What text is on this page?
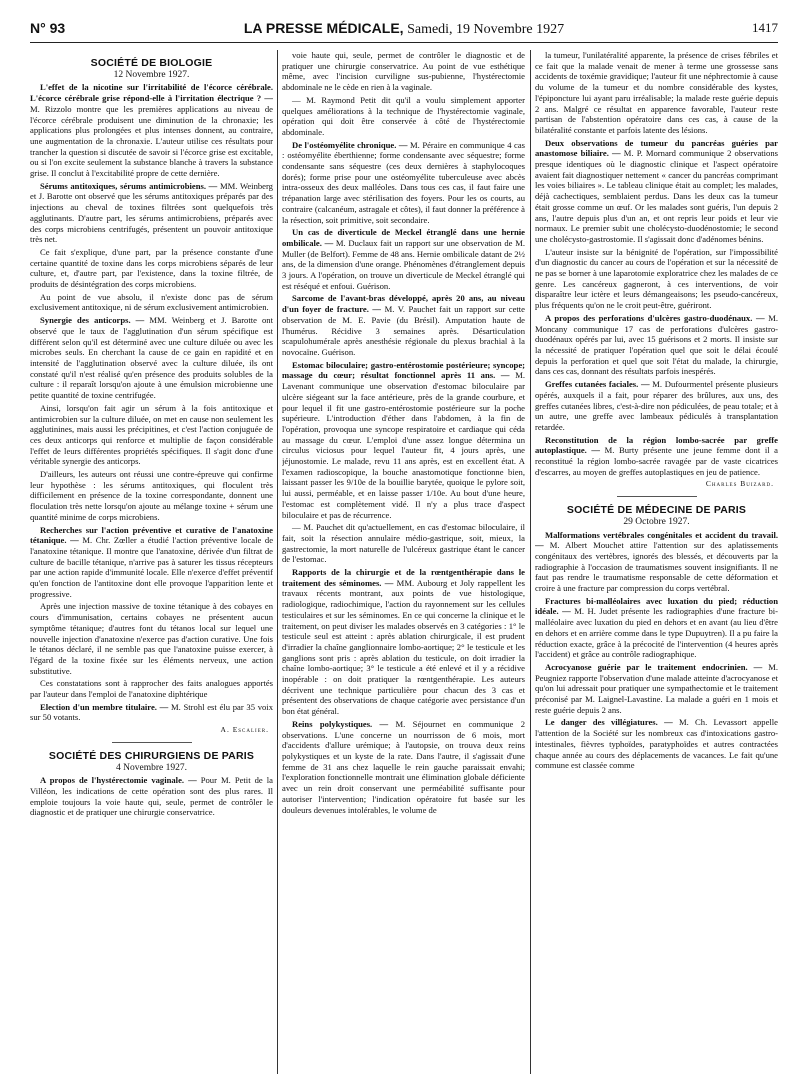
N° 93	LA PRESSE MÉDICALE, Samedi, 19 Novembre 1927	1417
SOCIÉTÉ DE BIOLOGIE
12 Novembre 1927.

L'effet de la nicotine sur l'irritabilité de l'écorce cérébrale. L'écorce cérébrale grise répond-elle à l'irritation électrique ? — M. Rizzolo montre que les premières applications au niveau de l'écorce cérébrale produisent une diminution de la chronaxie; les applications plus prolongées et plus intenses donnent, au contraire, une augmentation de la chronaxie. L'auteur utilise ces résultats pour trancher la question si discutée de savoir si l'écorce grise est excitable, ou si l'on excite seulement la substance blanche à travers la substance grise. Il conclut à l'excitabilité propre de cette dernière.

Sérums antitoxiques, sérums antimicrobiens. — MM. Weinberg et J. Barotte ont observé que les sérums antitoxiques préparés par des injections au cheval de toxines filtrées sont quelquefois très agglutinants. D'autre part, les sérums antimicrobiens, préparés avec des corps microbiens centrifugés, présentent un pouvoir antitoxique très net.

Ce fait s'explique, d'une part, par la présence constante d'une certaine quantité de toxine dans les corps microbiens séparés de leur culture, et, d'autre part, par l'existence, dans la toxine filtrée, de produits de désintégration des corps microbiens.

Au point de vue absolu, il n'existe donc pas de sérum exclusivement antitoxique, ni de sérum exclusivement antimicrobien.

Synergie des anticorps. — MM. Weinberg et J. Barotte ont observé que le taux de l'agglutination d'un sérum spécifique est différent selon qu'il est déterminé avec une culture diluée ou avec les microbes seuls. En cherchant la cause de ce gain en rapidité et en intensité de l'agglutination observé avec la culture diluée, ils ont constaté qu'il n'est réalisé qu'en présence des produits solubles de la culture : il reparaît lorsqu'on ajoute à une émulsion microbienne une petite quantité de toxine centrifugée.

Ainsi, lorsqu'on fait agir un sérum à la fois antitoxique et antimicrobien sur la culture diluée, on met en cause non seulement les agglutinines, mais aussi les précipitines, et c'est l'action conjuguée de ces deux anticorps qui renforce et multiplie de façon considérable l'effet de leurs différentes propriétés spécifiques. Il s'agit donc d'une véritable synergie des anticorps.

D'ailleurs, les auteurs ont réussi une contre-épreuve qui confirme leur hypothèse : les sérums antitoxiques, qui floculent très difficilement en présence de la toxine correspondante, donnent une floculation très nette lorsqu'on ajoute au mélange toxine + sérum une quantité minime de corps microbiens.

Recherches sur l'action préventive et curative de l'anatoxine tétanique. — M. Chr. Zœller a étudié l'action préventive locale de l'anatoxine tétanique. Il montre que l'anatoxine, dérivée d'un filtrat de culture de bacille tétanique, n'arrive pas à saturer les tissus récepteurs par une action rapide d'immunité locale. Elle n'exerce d'effet préventif qu'en fonction de l'antitoxine dont elle provoque l'apparition lente et progressive.

Après une injection massive de toxine tétanique à des cobayes en cours d'immunisation, certains cobayes ne présentent aucun symptôme tétanique; d'autres font du tétanos local sur lequel une nouvelle injection d'anatoxine n'exerce pas d'action curative. Une fois le tétanos déclaré, il ne semble pas que l'anatoxine puisse exercer, à l'égard de la toxine fixée sur les éléments nerveux, une action substitutive.

Ces constatations sont à rapprocher des faits analogues apportés par l'auteur dans l'emploi de l'anatoxine diphtérique

Election d'un membre titulaire. — M. Strohl est élu par 35 voix sur 50 votants.

A. Escalier.
SOCIÉTÉ DES CHIRURGIENS DE PARIS
4 Novembre 1927.

A propos de l'hystérectomie vaginale. — Pour M. Petit de la Villéon, les indications de cette opération sont des plus rares. Il emploie toujours la voie haute qui, seule, permet de contrôler le diagnostic et de pratiquer une chirurgie conservatrice.

voie haute qui, seule, permet de contrôler le diagnostic et de pratiquer une chirurgie conservatrice. Au point de vue esthétique même, avec l'incision curviligne sus-pubienne, l'hystérectomie abdominale ne le cède en rien à la vaginale.

— M. Raymond Petit dit qu'il a voulu simplement apporter quelques améliorations à la technique de l'hystérectomie vaginale, opération qui doit être conservée à côté de l'hystérectomie abdominale.

De l'ostéomyélite chronique. — M. Péraire en communique 4 cas : ostéomyélite éberthienne; forme condensante avec séquestre; forme condensante sans séquestre (ces deux dernières à staphylocoques dorés); forme prise pour une ostéomyélite tuberculeuse avec abcès intra-osseux des deux malléoles. Dans tous ces cas, il faut faire une trépanation large avec stérilisation des foyers. Pour les os courts, au contraire (calcanéum, astragale et côtes), il faut donner la préférence à la résection, soit primitive, soit secondaire.

Un cas de diverticule de Meckel étranglé dans une hernie ombilicale. — M. Duclaux fait un rapport sur une observation de M. Muller (de Belfort). Femme de 48 ans. Hernie ombilicale datant de 2½ ans, de la dimension d'une orange. Phénomènes d'étranglement depuis 3 jours. A l'opération, on trouve un diverticule de Meckel étranglé qui est réséqué et enfoui. Guérison.

Sarcome de l'avant-bras développé, après 20 ans, au niveau d'un foyer de fracture. — M. V. Pauchet fait un rapport sur cette observation de M. E. Pavie (du Brésil). Amputation haute de l'humérus. Récidive 3 semaines après. Désarticulation scapulohumérale après anesthésie régionale du plexus brachial à la novocaïne. Guérison.

Estomac biloculaire; gastro-entérostomie postérieure; syncope; massage du cœur; résultat fonctionnel après 11 ans. — M. Lavenant communique une observation d'estomac biloculaire par ulcère siégeant sur la face antérieure, près de la grande courbure, et pour lequel il fit une gastro-entérostomie postérieure sur la poche supérieure. L'introduction d'éther dans l'abdomen, à la fin de l'opération, provoqua une syncope respiratoire et cardiaque qui céda au massage du cœur. L'emploi d'une assez longue détermina un circulus viciosus pour lequel l'auteur fit, 4 jours après, une jéjunostomie. Le malade, revu 11 ans après, est en excellent état. A l'examen radioscopique, la bouche anastomotique fonctionne bien, laissant passer les 9/10e de la bouillie barytée, quoique le pylore soit, lui aussi, perméable, et en laisse passer 1/10e. Au bout d'une heure, l'estomac est complètement vidé. Il n'y a plus trace d'aspect biloculaire et pas de récurrence.

— M. Pauchet dit qu'actuellement, en cas d'estomac biloculaire, il fait, soit la résection annulaire médio-gastrique, soit, mieux, la gastrectomie, la mort naturelle de l'ulcéreux gastrique étant le cancer de l'estomac.

Rapports de la chirurgie et de la rœntgenthérapie dans le traitement des séminomes. — MM. Aubourg et Joly rappellent les travaux récents montrant, aux points de vue histologique, radiologique, radiochimique, l'action du rayonnement sur les cellules testiculaires et sur les séminomes. En ce qui concerne la clinique et le traitement, on peut diviser les malades observés en 3 catégories : 1° le testicule seul est atteint : après ablation chirurgicale, il est prudent d'irradier la chaîne ganglionnaire lombo-aortique; 2° le testicule et les ganglions sont pris : après ablation du testicule, on doit irradier la chaîne lombo-aortique; 3° le testicule a été enlevé et il y a récidive inopérable : on doit pratiquer la rœntgenthérapie. Les auteurs décrivent une technique particulière pour chacun des 3 cas et présentent des observations de chaque catégorie avec persistance d'un bon état général.

Reins polykystiques. — M. Séjournet en communique 2 observations. L'une concerne un nourrisson de 6 mois, mort d'accidents d'allure urémique; à l'autopsie, on trouva deux reins polykystiques et un kyste de la rate. Dans l'autre, il s'agissait d'une femme de 31 ans chez laquelle le rein gauche paraissait envahi; l'exploration fonctionnelle montrait une élimination globale déficiente avec un rein droit conservant une perméabilité suffisante pour autoriser l'intervention; l'indication opératoire fut basée sur les douleurs devenues intolérables, le volume de

la tumeur, l'unilatéralité apparente, la présence de crises fébriles et ce fait que la malade venait de mener à terme une grossesse sans accidents de toxémie gravidique; l'auteur fit une néphrectomie à cause du volume de la tumeur et du nombre considérable des kystes, l'épiponcture lui ayant paru irréalisable; la malade reste guérie depuis 2 ans. Malgré ce résultat en apparence favorable, l'auteur reste partisan de l'abstention opératoire dans ces cas, à cause de la bilatéralité constante et parfois latente des lésions.

Deux observations de tumeur du pancréas guéries par anastomose biliaire. — M. P. Mornard communique 2 observations presque identiques où le diagnostic clinique et l'aspect opératoire avaient fait diagnostiquer nettement « cancer du pancréas comprimant les voies biliaires ». Le tableau clinique était au complet; les malades, déjà cachectiques, semblaient perdus. Dans les deux cas la tumeur était grosse comme un œuf. Or les malades sont guéris, l'un depuis 2 ans, l'autre depuis plus d'un an, et ont repris leur poids et leur vie normaux. Le premier subit une cholécysto-duodénostomie; le second une cholécysto-gastrostomie. Il s'agissait donc d'adénomes bénins.

L'auteur insiste sur la bénignité de l'opération, sur l'impossibilité d'un diagnostic du cancer au cours de l'opération et sur la nécessité de ne pas se borner à une laparotomie exploratrice chez les malades de ce genre. Les cancéreux gagneront, à ces interventions, de voir disparaître leur ictère et leurs démangeaisons; les pseudo-cancéreux, plus fréquents qu'on ne le croit peut-être, guériront.

A propos des perforations d'ulcères gastro-duodénaux. — M. Moncany communique 17 cas de perforations d'ulcères gastro-duodénaux opérés par lui, avec 15 guérisons et 2 morts. Il insiste sur la nécessité de pratiquer l'opération quel que soit le délai écoulé depuis la perforation et quel que soit l'état du malade, la chirurgie, dans ces cas, donnant des résultats parfois inespérés.

Greffes cutanées faciales. — M. Dufourmentel présente plusieurs opérés, auxquels il a fait, pour réparer des brûlures, aux uns, des greffes cutanées libres, c'est-à-dire non pédiculées, de peau totale; et à un autre, une greffe avec lambeaux pédiculés à transplantation retardée.

Reconstitution de la région lombo-sacrée par greffe autoplastique. — M. Burty présente une jeune femme dont il a reconstitué la région lombo-sacrée ravagée par de vaste cicatrices d'escarres, au moyen de greffes autoplastiques en jeu de patience.

Charles Buizard.
SOCIÉTÉ DE MÉDECINE DE PARIS
29 Octobre 1927.

Malformations vertébrales congénitales et accident du travail. — M. Albert Mouchet attire l'attention sur des aplatissements congénitaux des vertèbres, ignorés des blessés, et découverts par la radiographie à l'occasion de traumatismes souvent insignifiants. Il ne faut pas rendre le traumatisme responsable de cette déformation et croire à une fracture par compression du corps vertébral.

Fractures bi-malléolaires avec luxation du pied; réduction idéale. — M. H. Judet présente les radiographies d'une fracture bi-malléolaire avec luxation du pied en dehors et en avant (au lieu d'être en dehors et en arrière comme dans le type Dupuytren). Il a pu faire la réduction exacte, grâce à la précocité de l'intervention (4 heures après l'accident) et grâce au contrôle radiographique.

Acrocyanose guérie par le traitement endocrinien. — M. Peugniez rapporte l'observation d'une malade atteinte d'acrocyanose et qu'on lui adressait pour pratiquer une sympathectomie et le traitement préconisé par M. Laignel-Lavastine. La malade a guéri en 1 mois et reste guérie depuis 2 ans.

Le danger des villégiatures. — M. Ch. Levassort appelle l'attention de la Société sur les nombreux cas d'intoxications gastro-intestinales, fièvres typhoïdes, paratyphoïdes et autres contractées chaque année au cours des déplacements de vacances. Le fait qu'une commune est classée comme
